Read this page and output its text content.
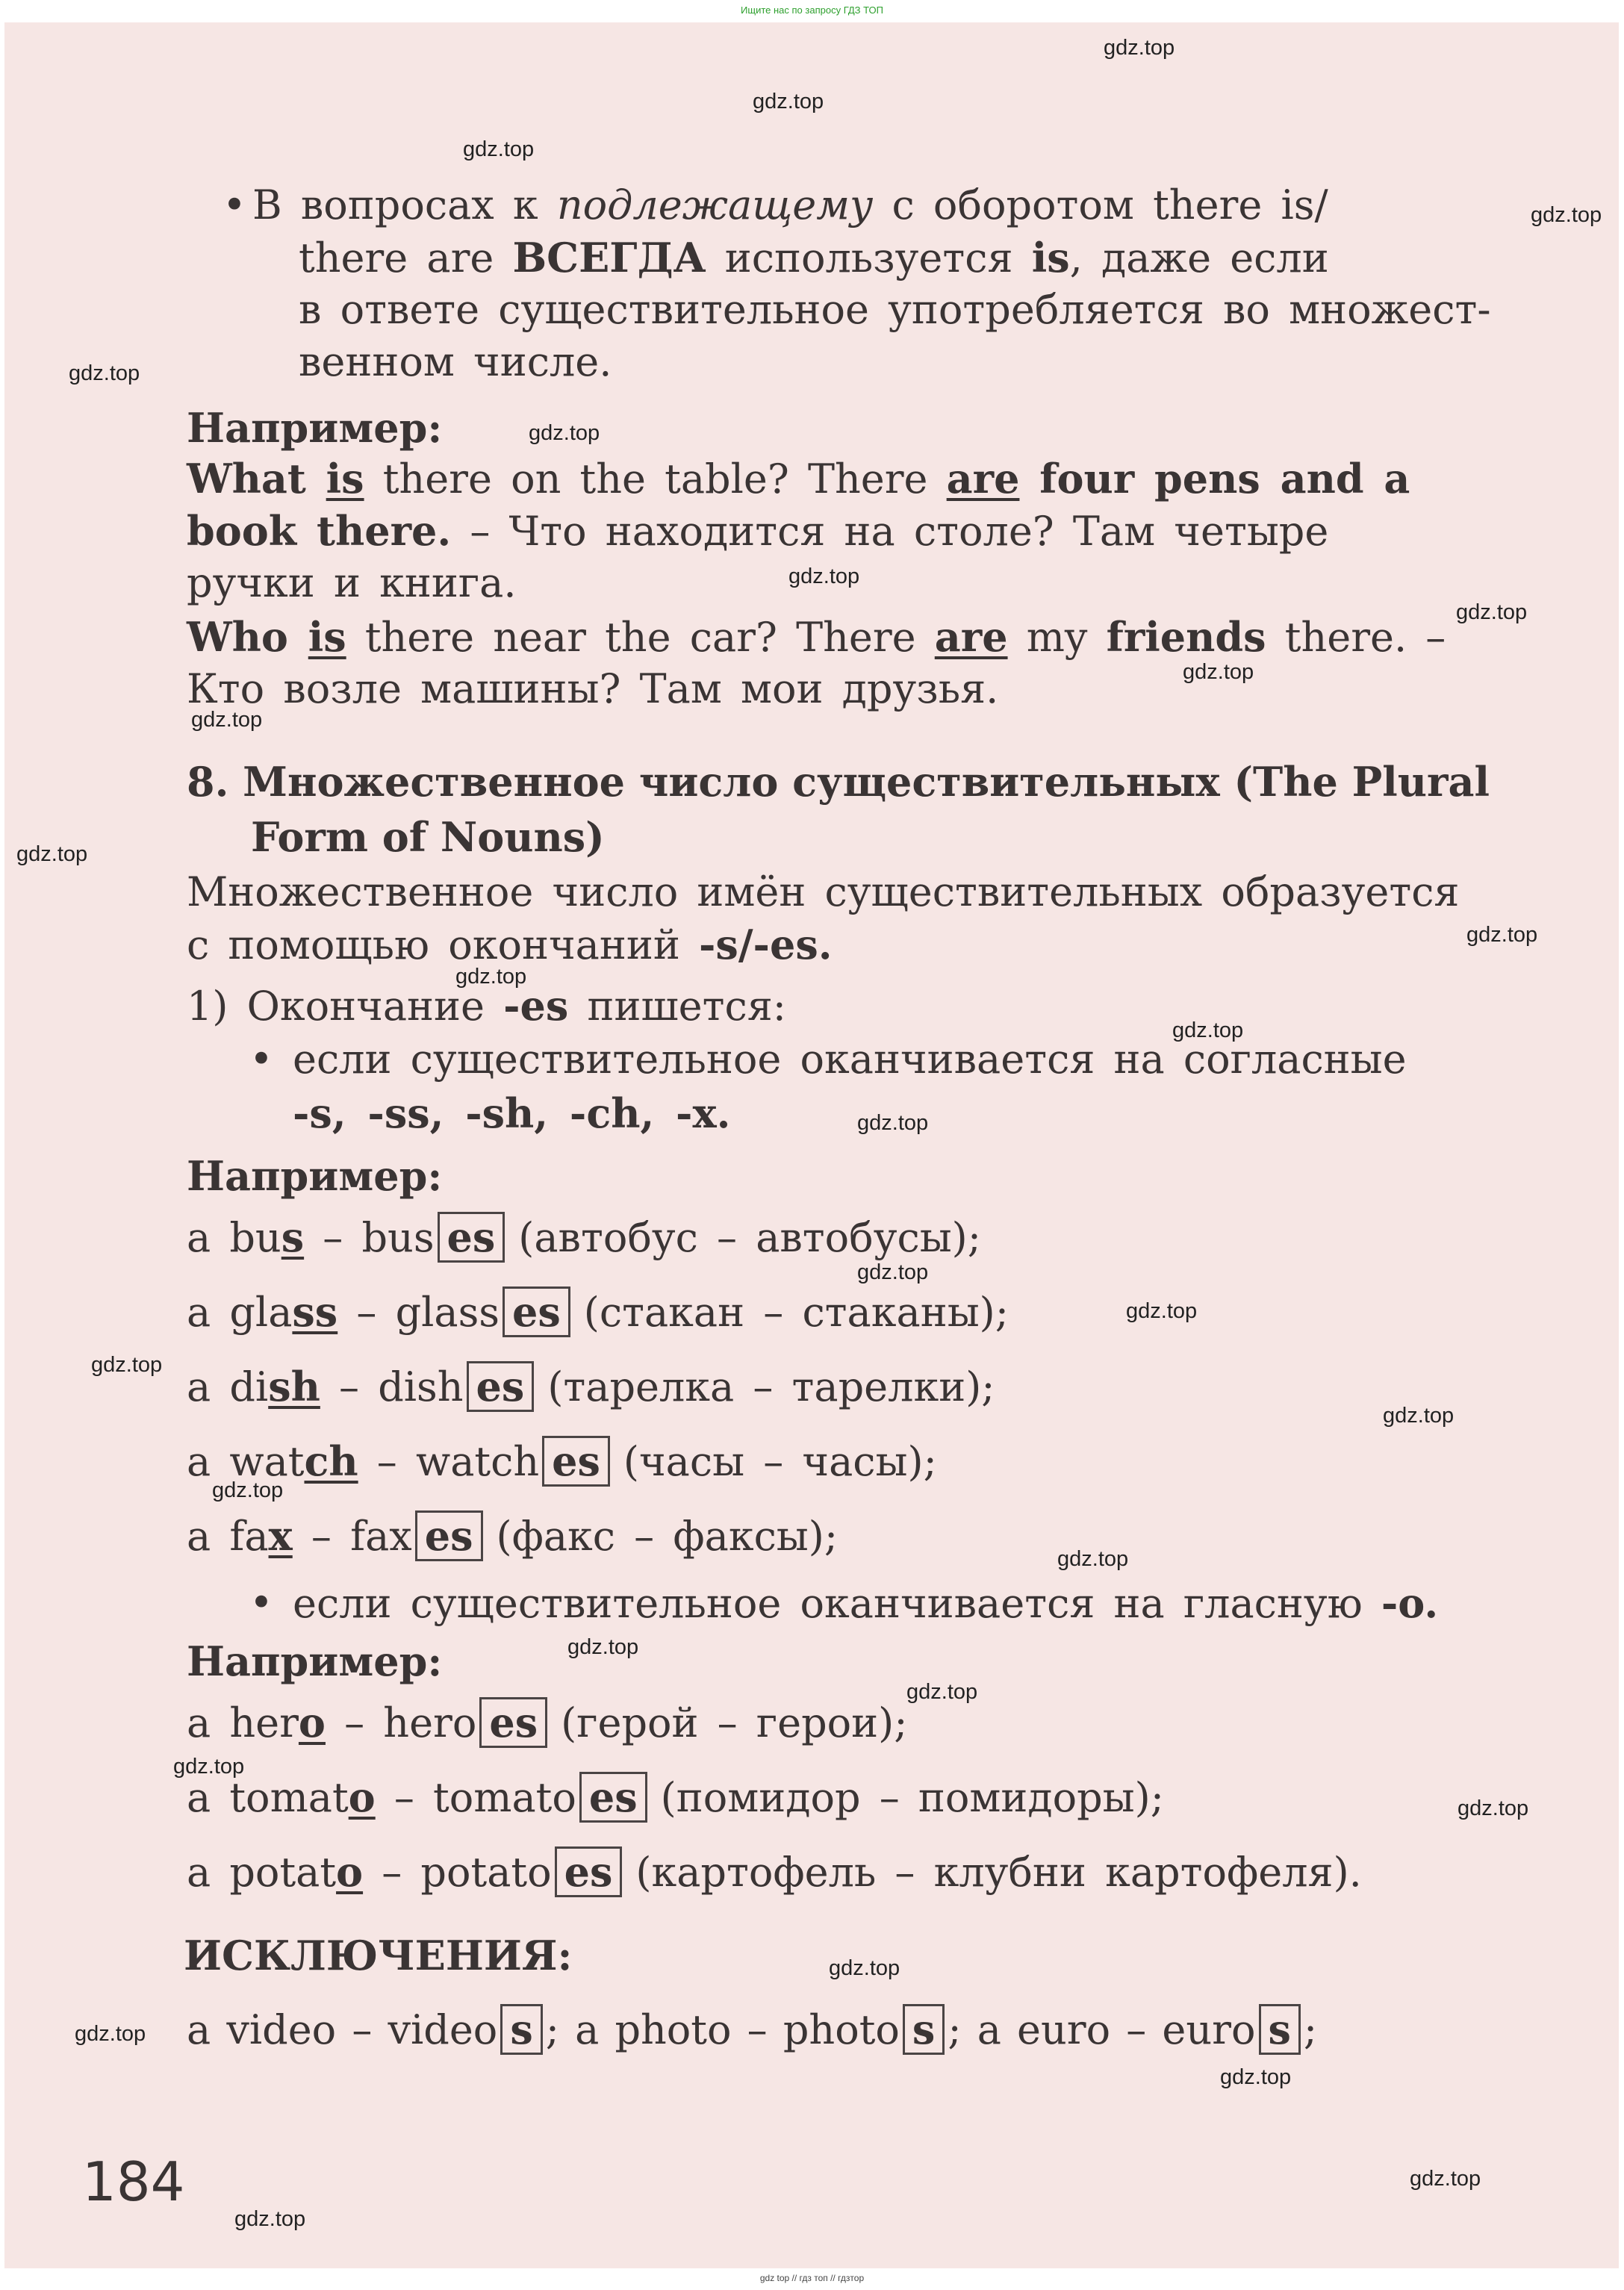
Ищите нас по запросу ГДЗ ТОП
• В вопросах к подлежащему с оборотом there is/
there are ВСЕГДА используется is, даже если
в ответе существительное употребляется во множест-
венном числе.
Например:
What is there on the table? There are four pens and a
book there. – Что находится на столе? Там четыре
ручки и книга.
Who is there near the car? There are my friends there. –
Кто возле машины? Там мои друзья.
8. Множественное число существительных (The Plural
Form of Nouns)
Множественное число имён существительных образуется
с помощью окончаний -s/-es.
1) Окончание -es пишется:
• если существительное оканчивается на согласные
-s, -ss, -sh, -ch, -x.
Например:
a bus – bus es (автобус – автобусы);
a glass – glass es (стакан – стаканы);
a dish – dish es (тарелка – тарелки);
a watch – watch es (часы – часы);
a fax – fax es (факс – факсы);
• если существительное оканчивается на гласную -o.
Например:
a hero – hero es (герой – герои);
a tomato – tomato es (помидор – помидоры);
a potato – potato es (картофель – клубни картофеля).
ИСКЛЮЧЕНИЯ:
a video – video s ; a photo – photo s ; a euro – euro s ;
184
gdz.top
gdz.top
gdz.top
gdz.top
gdz.top
gdz.top
gdz.top
gdz.top
gdz.top
gdz.top
gdz.top
gdz.top
gdz.top
gdz.top
gdz.top
gdz.top
gdz.top
gdz.top
gdz.top
gdz.top
gdz.top
gdz.top
gdz.top
gdz.top
gdz.top
gdz.top
gdz.top
gdz.top
gdz.top
gdz.top
gdz top // гдз топ // гдзтор
